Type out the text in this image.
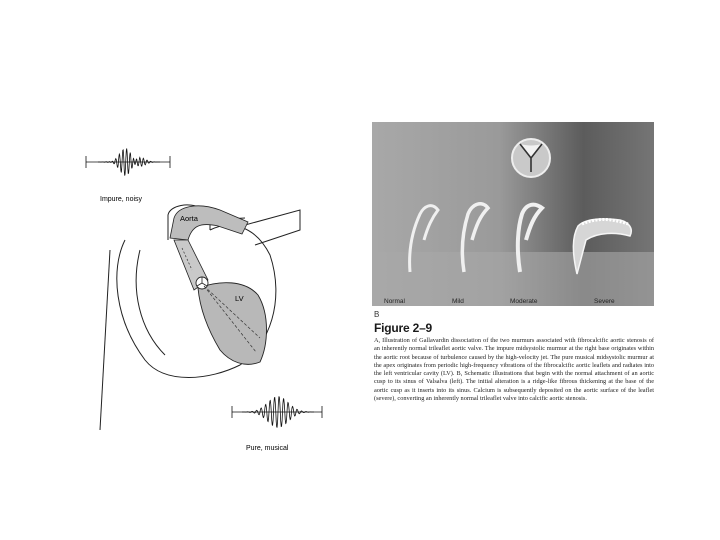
Impure, noisy
Aorta
LV
Pure, musical
Normal	Mild	Moderate	Severe
B
Figure 2–9

A, Illustration of Gallavardin dissociation of the two murmurs associated with fibrocalcific aortic stenosis of an inherently normal trileaflet aortic valve. The impure midsystolic murmur at the right base originates within the aortic root because of turbulence caused by the high-velocity jet. The pure musical midsystolic murmur at the apex originates from periodic high-frequency vibrations of the fibrocalcific aortic leaflets and radiates into the left ventricular cavity (LV). B, Schematic illustrations that begin with the normal attachment of an aortic cusp to its sinus of Valsalva (left). The initial alteration is a ridge-like fibrous thickening at the base of the aortic cusp as it inserts into its sinus. Calcium is subsequently deposited on the aortic surface of the leaflet (severe), converting an inherently normal trileaflet valve into calcific aortic stenosis.
